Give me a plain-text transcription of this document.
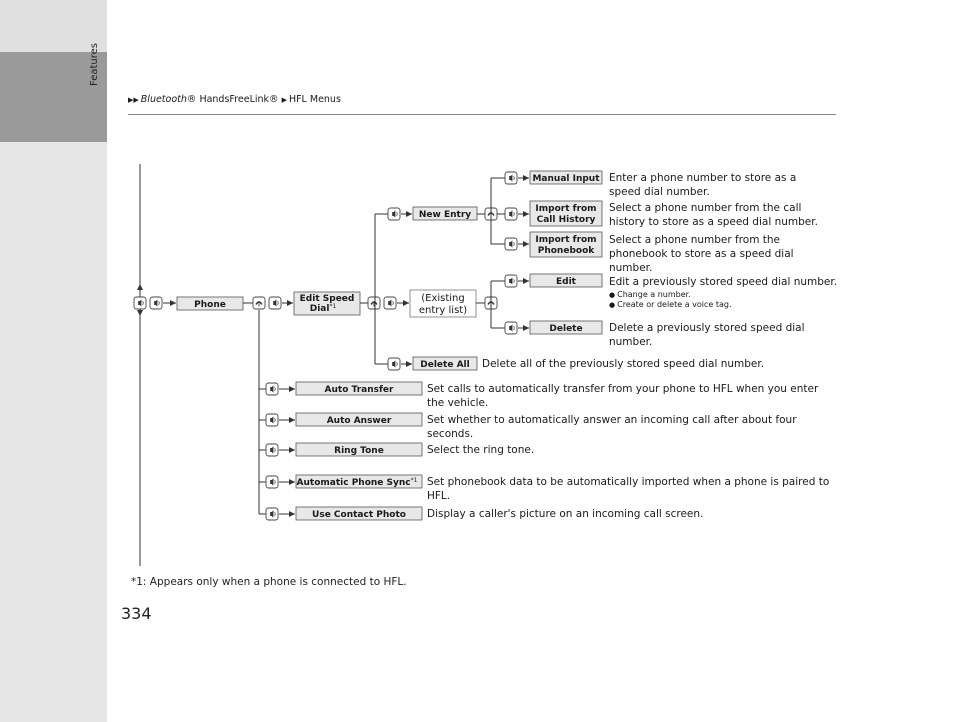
Features
▶▶ Bluetooth® HandsFreeLink® ▶ HFL Menus
Phone
Edit Speed
Dial$^{*1}$
New Entry
(Existing
entry list)
Delete All
Manual Input
Import from
Call History
Import from
Phonebook
Edit
Delete
Auto Transfer
Auto Answer
Ring Tone
Automatic Phone Sync$^{*1}$
Use Contact Photo
Enter a phone number to store as a speed dial number.
Select a phone number from the call history to store as a speed dial number.
Select a phone number from the phonebook to store as a speed dial number.
Edit a previously stored speed dial number.
● Change a number.
● Create or delete a voice tag.
Delete a previously stored speed dial number.
Delete all of the previously stored speed dial number.
Set calls to automatically transfer from your phone to HFL when you enter the vehicle.
Set whether to automatically answer an incoming call after about four seconds.
Select the ring tone.
Set phonebook data to be automatically imported when a phone is paired to HFL.
Display a caller's picture on an incoming call screen.
*1: Appears only when a phone is connected to HFL.
334
